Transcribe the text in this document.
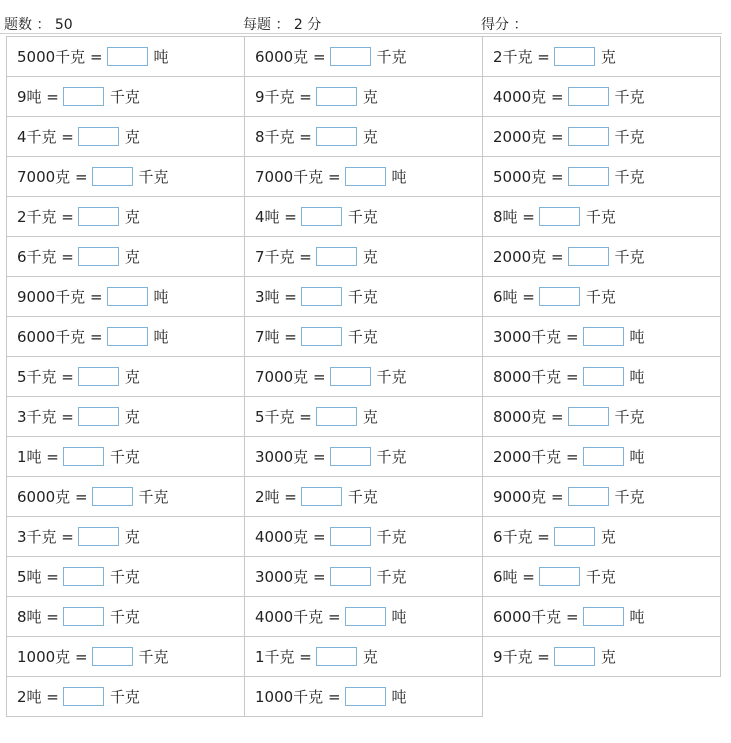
题数 ： 50	每题 ： 2 分	得分 ：
5000千克 = 吨	6000克 = 千克	2千克 = 克
9吨 = 千克	9千克 = 克	4000克 = 千克
4千克 = 克	8千克 = 克	2000克 = 千克
7000克 = 千克	7000千克 = 吨	5000克 = 千克
2千克 = 克	4吨 = 千克	8吨 = 千克
6千克 = 克	7千克 = 克	2000克 = 千克
9000千克 = 吨	3吨 = 千克	6吨 = 千克
6000千克 = 吨	7吨 = 千克	3000千克 = 吨
5千克 = 克	7000克 = 千克	8000千克 = 吨
3千克 = 克	5千克 = 克	8000克 = 千克
1吨 = 千克	3000克 = 千克	2000千克 = 吨
6000克 = 千克	2吨 = 千克	9000克 = 千克
3千克 = 克	4000克 = 千克	6千克 = 克
5吨 = 千克	3000克 = 千克	6吨 = 千克
8吨 = 千克	4000千克 = 吨	6000千克 = 吨
1000克 = 千克	1千克 = 克	9千克 = 克
2吨 = 千克	1000千克 = 吨	
